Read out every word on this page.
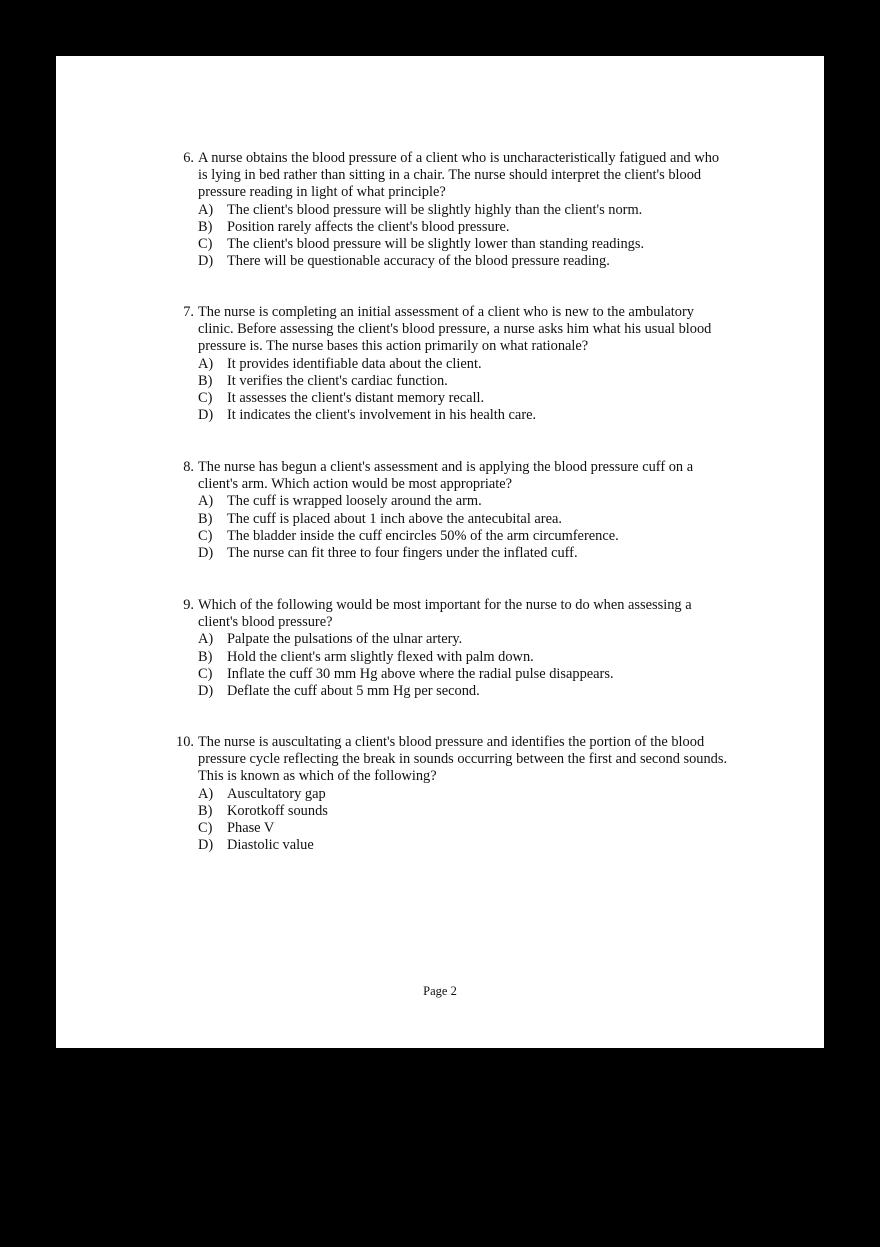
6. A nurse obtains the blood pressure of a client who is uncharacteristically fatigued and who is lying in bed rather than sitting in a chair. The nurse should interpret the client's blood pressure reading in light of what principle?
A) The client's blood pressure will be slightly highly than the client's norm.
B) Position rarely affects the client's blood pressure.
C) The client's blood pressure will be slightly lower than standing readings.
D) There will be questionable accuracy of the blood pressure reading.
7. The nurse is completing an initial assessment of a client who is new to the ambulatory clinic. Before assessing the client's blood pressure, a nurse asks him what his usual blood pressure is. The nurse bases this action primarily on what rationale?
A) It provides identifiable data about the client.
B) It verifies the client's cardiac function.
C) It assesses the client's distant memory recall.
D) It indicates the client's involvement in his health care.
8. The nurse has begun a client's assessment and is applying the blood pressure cuff on a client's arm. Which action would be most appropriate?
A) The cuff is wrapped loosely around the arm.
B) The cuff is placed about 1 inch above the antecubital area.
C) The bladder inside the cuff encircles 50% of the arm circumference.
D) The nurse can fit three to four fingers under the inflated cuff.
9. Which of the following would be most important for the nurse to do when assessing a client's blood pressure?
A) Palpate the pulsations of the ulnar artery.
B) Hold the client's arm slightly flexed with palm down.
C) Inflate the cuff 30 mm Hg above where the radial pulse disappears.
D) Deflate the cuff about 5 mm Hg per second.
10. The nurse is auscultating a client's blood pressure and identifies the portion of the blood pressure cycle reflecting the break in sounds occurring between the first and second sounds. This is known as which of the following?
A) Auscultatory gap
B) Korotkoff sounds
C) Phase V
D) Diastolic value
Page 2
